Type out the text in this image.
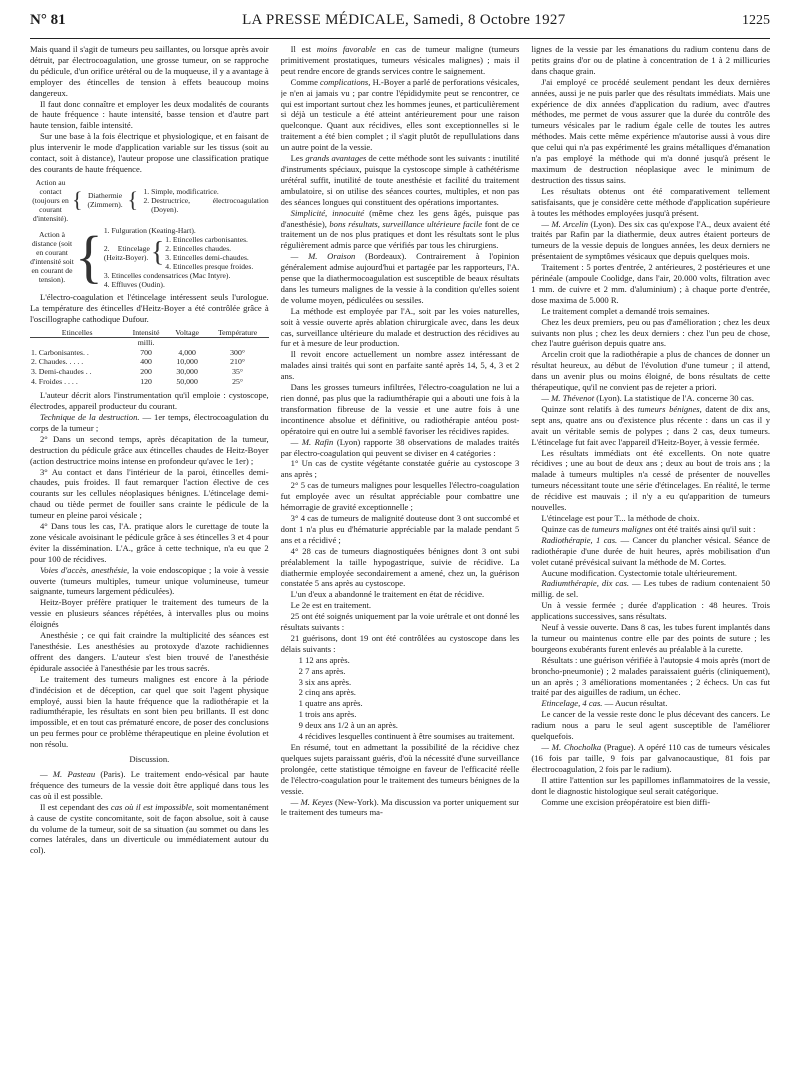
N° 81	LA PRESSE MÉDICALE, Samedi, 8 Octobre 1927	1225

Mais quand il s'agit de tumeurs peu saillantes, ou lorsque après avoir détruit, par électrocoagulation, une grosse tumeur, on se rapproche du pédicule, d'un orifice urétéral ou de la muqueuse, il y a avantage à employer des étincelles de tension à effets beaucoup moins dangereux.

Il faut donc connaître et employer les deux modalités de courants de haute fréquence : haute intensité, basse tension et d'autre part haute tension, faible intensité.

Sur une base à la fois électrique et physiologique, et en faisant de plus intervenir le mode d'application variable sur les tissus (soit au contact, soit à distance), l'auteur propose une classification pratique des courants de haute fréquence.

Action au contact (toujours en courant d'intensité).
{ Diathermie (Zimmern). { 1. Simple, modificatrice.
2. Destructrice, électrocoagulation (Doyen).
Action à distance (soit en courant d'intensité soit en courant de tension). { 1. Fulguration (Keating-Hart).
2. Etincelage (Heitz-Boyer). { 1. Etincelles carbonisantes.
2. Etincelles chaudes.
3. Etincelles demi-chaudes.
4. Etincelles presque froides.
3. Etincelles condensatrices (Mac Intyre).
4. Effluves (Oudin).

L'électro-coagulation et l'étincelage intéressent seuls l'urologue. La température des étincelles d'Heitz-Boyer a été contrôlée grâce à l'oscillographe cathodique Dufour.

Etincelles	Intensité	Voltage	Température
	milli.		
1. Carbonisantes. .	700	4,000	300°
2. Chaudes. . . . .	400	10,000	210°
3. Demi-chaudes . .	200	30,000	35°
4. Froides . . . .	120	50,000	25°

L'auteur décrit alors l'instrumentation qu'il emploie : cystoscope, électrodes, appareil producteur du courant.

Technique de la destruction. — 1er temps, électrocoagulation du corps de la tumeur ;

2° Dans un second temps, après décapitation de la tumeur, destruction du pédicule grâce aux étincelles chaudes de Heitz-Boyer (action destructrice moins intense en profondeur qu'avec le 1er) ;

3° Au contact et dans l'intérieur de la paroi, étincelles demi-chaudes, puis froides. Il faut remarquer l'action élective de ces courants sur les cellules néoplasiques bénignes. L'étincelage demi-chaud ou tiède permet de fouiller sans crainte le pédicule de la tumeur en pleine paroi vésicale ;

4° Dans tous les cas, l'A. pratique alors le curettage de toute la zone vésicale avoisinant le pédicule grâce à ses étincelles 3 et 4 pour éviter la dissémination. L'A., grâce à cette technique, n'a eu que 2 pour 100 de récidives.

Voies d'accès, anesthésie, la voie endoscopique ; la voie à vessie ouverte (tumeurs multiples, tumeur unique volumineuse, tumeur saignante, tumeurs largement pédiculées).

Heitz-Boyer préfère pratiquer le traitement des tumeurs de la vessie en plusieurs séances répétées, à intervalles plus ou moins éloignés

Anesthésie ; ce qui fait craindre la multiplicité des séances est l'anesthésie. Les anesthésies au protoxyde d'azote rachidiennes offrent des dangers. L'auteur s'est bien trouvé de l'anesthésie épidurale associée à l'anesthésie par les trous sacrés.

Le traitement des tumeurs malignes est encore à la période d'indécision et de déception, car quel que soit l'agent physique employé, aussi bien la haute fréquence que la radiothérapie et la radiumthérapie, les résultats en sont bien peu brillants. Il est donc impossible, et en tout cas prématuré encore, de poser des conclusions un peu fermes pour ce problème thérapeutique en pleine évolution et non résolu.

Discussion.

— M. Pasteau (Paris). Le traitement endo-vésical par haute fréquence des tumeurs de la vessie doit être appliqué dans tous les cas où il est possible.

Il est cependant des cas où il est impossible, soit momentanément à cause de cystite concomitante, soit de façon absolue, soit à cause du volume de la tumeur, soit de sa situation (au sommet ou dans les cornes latérales, dans un diverticule ou immédiatement autour du col).

Il est moins favorable en cas de tumeur maligne (tumeurs primitivement prostatiques, tumeurs vésicales malignes) ; mais il peut rendre encore de grands services contre le saignement.

Comme complications, H.-Boyer a parlé de perforations vésicales, je n'en ai jamais vu ; par contre l'épididymite peut se rencontrer, ce qui est important surtout chez les hommes jeunes, et particulièrement si déjà un testicule a été atteint antérieurement pour une raison quelconque. Quant aux récidives, elles sont exceptionnelles si le traitement a été bien complet ; il s'agit plutôt de repullulations dans un autre point de la vessie.

Les grands avantages de cette méthode sont les suivants : inutilité d'instruments spéciaux, puisque la cystoscope simple à cathétérisme urétéral suffit, inutilité de toute anesthésie et facilité du traitement ambulatoire, si on utilise des séances courtes, multiples, et non pas des séances longues qui constituent des opérations importantes.

Simplicité, innocuité (même chez les gens âgés, puisque pas d'anesthésie), bons résultats, surveillance ultérieure facile font de ce traitement un de nos plus pratiques et dont les résultats sont le plus régulièrement admis parce que vérifiés par tous les chirurgiens.

— M. Oraison (Bordeaux). Contrairement à l'opinion généralement admise aujourd'hui et partagée par les rapporteurs, l'A. pense que la diathermocoagulation est susceptible de beaux résultats dans les tumeurs malignes de la vessie à la condition qu'elles soient de volume moyen, pédiculées ou sessiles.

La méthode est employée par l'A., soit par les voies naturelles, soit à vessie ouverte après ablation chirurgicale avec, dans les deux cas, surveillance ultérieure du malade et destruction des récidives au fur et à mesure de leur production.

Il revoit encore actuellement un nombre assez intéressant de malades ainsi traités qui sont en parfaite santé après 14, 5, 4, 3 et 2 ans.

Dans les grosses tumeurs infiltrées, l'électro-coagulation ne lui a rien donné, pas plus que la radiumthérapie qui a abouti une fois à la transformation fibreuse de la vessie et une autre fois à une incontinence absolue et définitive, ou radiothérapie antéou post-opératoire qui en outre lui a semblé favoriser les récidives rapides.

— M. Rafin (Lyon) rapporte 38 observations de malades traités par électro-coagulation qui peuvent se diviser en 4 catégories :

1° Un cas de cystite végétante constatée guérie au cystoscope 3 ans après ;

2° 5 cas de tumeurs malignes pour lesquelles l'électro-coagulation fut employée avec un résultat appréciable pour combattre une hémorragie de gravité exceptionnelle ;

3° 4 cas de tumeurs de malignité douteuse dont 3 ont succombé et dont 1 n'a plus eu d'hématurie appréciable par la malade pendant 5 ans et a récidivé ;

4° 28 cas de tumeurs diagnostiquées bénignes dont 3 ont subi préalablement la taille hypogastrique, suivie de récidive. La diathermie employée secondairement a amené, chez un, la guérison constatée 5 ans après au cystoscope.

L'un d'eux a abandonné le traitement en état de récidive.

Le 2e est en traitement.

25 ont été soignés uniquement par la voie urétrale et ont donné les résultats suivants :

21 guérisons, dont 19 ont été contrôlées au cystoscope dans les délais suivants :

1 12 ans après.
2 7 ans après.
3 six ans après.
2 cinq ans après.
1 quatre ans après.
1 trois ans après.
9 deux ans 1/2 à un an après.
4 récidives lesquelles continuent à être soumises au traitement.

En résumé, tout en admettant la possibilité de la récidive chez quelques sujets paraissant guéris, d'où la nécessité d'une surveillance prolongée, cette statistique témoigne en faveur de l'efficacité réelle de l'électro-coagulation pour le traitement des tumeurs bénignes de la vessie.

— M. Keyes (New-York). Ma discussion va porter uniquement sur le traitement des tumeurs ma-

lignes de la vessie par les émanations du radium contenu dans de petits grains d'or ou de platine à concentration de 1 à 2 millicuries dans chaque grain.

J'ai employé ce procédé seulement pendant les deux dernières années, aussi je ne puis parler que des résultats immédiats. Mais une expérience de dix années d'application du radium, avec d'autres méthodes, me permet de vous assurer que la durée du contrôle des tumeurs vésicales par le radium égale celle de toutes les autres méthodes. Mais cette même expérience m'autorise aussi à vous dire que celui qui n'a pas expérimenté les grains métalliques d'émanation n'a pas employé la méthode qui m'a donné jusqu'à présent le maximum de destruction néoplasique avec le minimum de destruction des tissus sains.

Les résultats obtenus ont été comparativement tellement satisfaisants, que je considère cette méthode d'application supérieure à toutes les méthodes employées jusqu'à présent.

— M. Arcelin (Lyon). Des six cas qu'expose l'A., deux avaient été traités par Rafin par la diathermie, deux autres étaient porteurs de tumeurs de la vessie depuis de longues années, les deux derniers ne présentaient de symptômes vésicaux que depuis quelques mois.

Traitement : 5 portes d'entrée, 2 antérieures, 2 postérieures et une périnéale (ampoule Coolidge, dans l'air, 20.000 volts, filtration avec 1 mm. de cuivre et 2 mm. d'aluminium) ; à chaque porte d'entrée, dose maxima de 5.000 R.

Le traitement complet a demandé trois semaines.

Chez les deux premiers, peu ou pas d'amélioration ; chez les deux suivants non plus ; chez les deux derniers : chez l'un peu de chose, chez l'autre guérison depuis quatre ans.

Arcelin croit que la radiothérapie a plus de chances de donner un résultat heureux, au début de l'évolution d'une tumeur ; il attend, dans un avenir plus ou moins éloigné, de bons résultats de cette thérapeutique, qu'il ne convient pas de rejeter a priori.

— M. Thévenot (Lyon). La statistique de l'A. concerne 30 cas.

Quinze sont relatifs à des tumeurs bénignes, datent de dix ans, sept ans, quatre ans ou d'existence plus récente : dans un cas il y avait un véritable semis de polypes ; dans 2 cas, deux tumeurs. L'étincelage fut fait avec l'appareil d'Heitz-Boyer, à vessie fermée.

Les résultats immédiats ont été excellents. On note quatre récidives ; une au bout de deux ans ; deux au bout de trois ans ; la malade à tumeurs multiples n'a cessé de présenter de nouvelles tumeurs nécessitant toute une série d'étincelages. En réalité, le terme de récidive est mauvais ; il n'y a eu qu'apparition de tumeurs nouvelles.

L'étincelage est pour T... la méthode de choix.

Quinze cas de tumeurs malignes ont été traités ainsi qu'il suit :

Radiothérapie, 1 cas. — Cancer du plancher vésical. Séance de radiothérapie d'une durée de huit heures, après mobilisation d'un volet cutané prévésical suivant la méthode de M. Cortes.

Aucune modification. Cystectomie totale ultérieurement.

Radiumthérapie, dix cas. — Les tubes de radium contenaient 50 millig. de sel.

Un à vessie fermée ; durée d'application : 48 heures. Trois applications successives, sans résultats.

Neuf à vessie ouverte. Dans 8 cas, les tubes furent implantés dans la tumeur ou maintenus contre elle par des points de suture ; les bourgeons exubérants furent enlevés au préalable à la curette.

Résultats : une guérison vérifiée à l'autopsie 4 mois après (mort de broncho-pneumonie) ; 2 malades paraissaient guéris (cliniquement), un an après ; 3 améliorations momentanées ; 2 échecs. Un cas fut traité par des aiguilles de radium, un échec.

Etincelage, 4 cas. — Aucun résultat.

Le cancer de la vessie reste donc le plus décevant des cancers. Le radium nous a paru le seul agent susceptible de l'améliorer quelquefois.

— M. Chocholka (Prague). A opéré 110 cas de tumeurs vésicales (16 fois par taille, 9 fois par galvanocaustique, 81 fois par électrocoagulation, 2 fois par le radium).

Il attire l'attention sur les papillomes inflammatoires de la vessie, dont le diagnostic histologique seul serait catégorique.

Comme une excision préopératoire est bien diffi-
